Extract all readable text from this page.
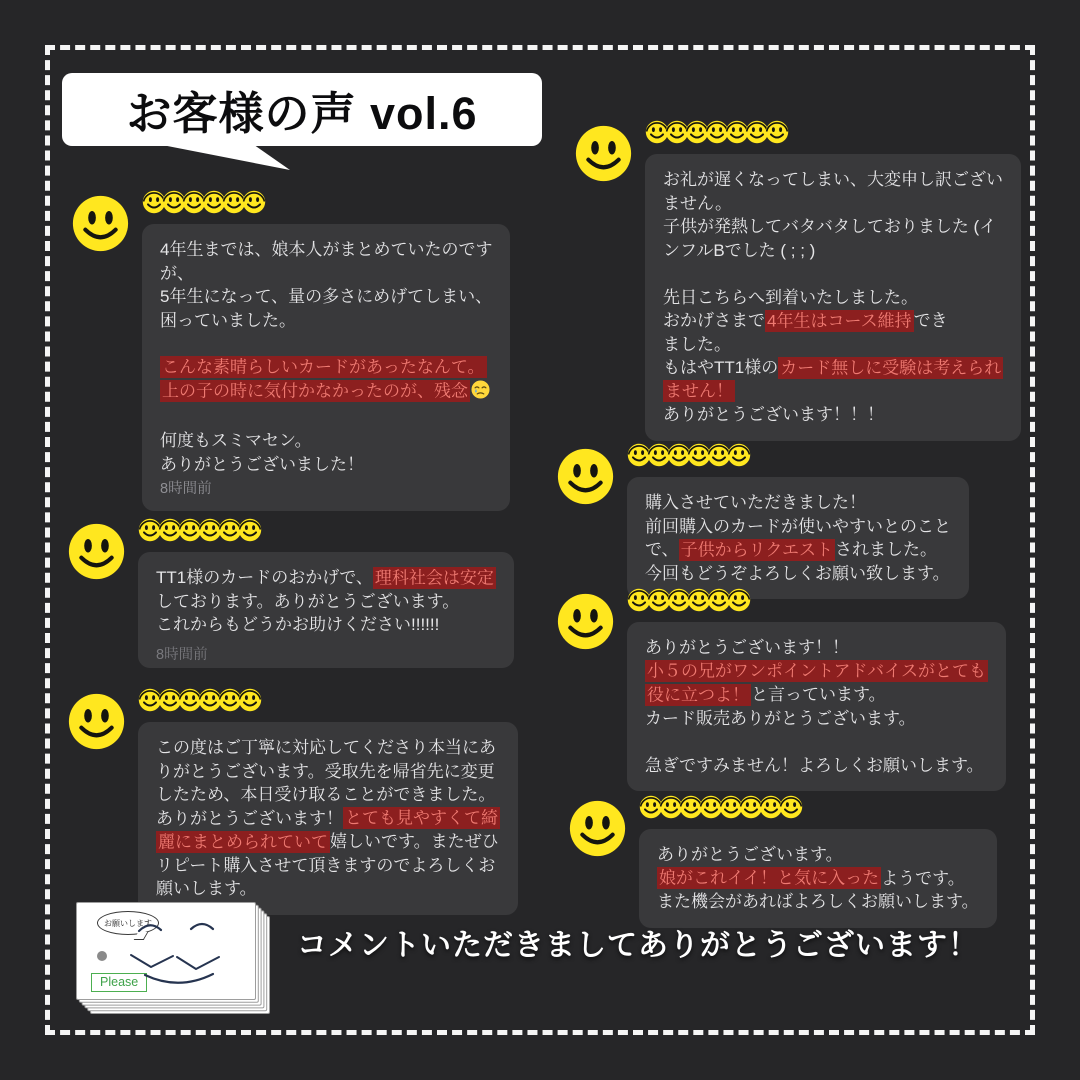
お客様の声 vol.6
4年生までは、娘本人がまとめていたのです
が、
5年生になって、量の多さにめげてしまい、
困っていました。

こんな素晴らしいカードがあったなんて。
上の子の時に気付かなかったのが、残念

何度もスミマセン。
ありがとうございました！
8時間前
TT1様のカードのおかげで、 理科社会は安定
しております。ありがとうございます。
これからもどうかお助けください!!!!!!
8時間前
この度はご丁寧に対応してくださり本当にあ
りがとうございます。受取先を帰省先に変更
したため、本日受け取ることができました。
ありがとうございます！ とても見やすくて綺
麗にまとめられていて 嬉しいです。またぜひ
リピート購入させて頂きますのでよろしくお
願いします。
お礼が遅くなってしまい、大変申し訳ござい
ません。
子供が発熱してバタバタしておりました (イ
ンフルBでした ( ; ; )

先日こちらへ到着いたしました。
おかげさまで 4年生はコース維持 でき
ました。
もはやTT1様の カード無しに受験は考えられ
ません！
ありがとうございます！！！
購入させていただきました！
前回購入のカードが使いやすいとのこと
で、 子供からリクエスト されました。
今回もどうぞよろしくお願い致します。
ありがとうございます！！
小５の兄がワンポイントアドバイスがとても
役に立つよ！ と言っています。
カード販売ありがとうございます。

急ぎですみません！よろしくお願いします。
ありがとうございます。
娘がこれイイ！と気に入った ようです。
また機会があればよろしくお願いします。
お願いします
Please
コメントいただきましてありがとうございます！
